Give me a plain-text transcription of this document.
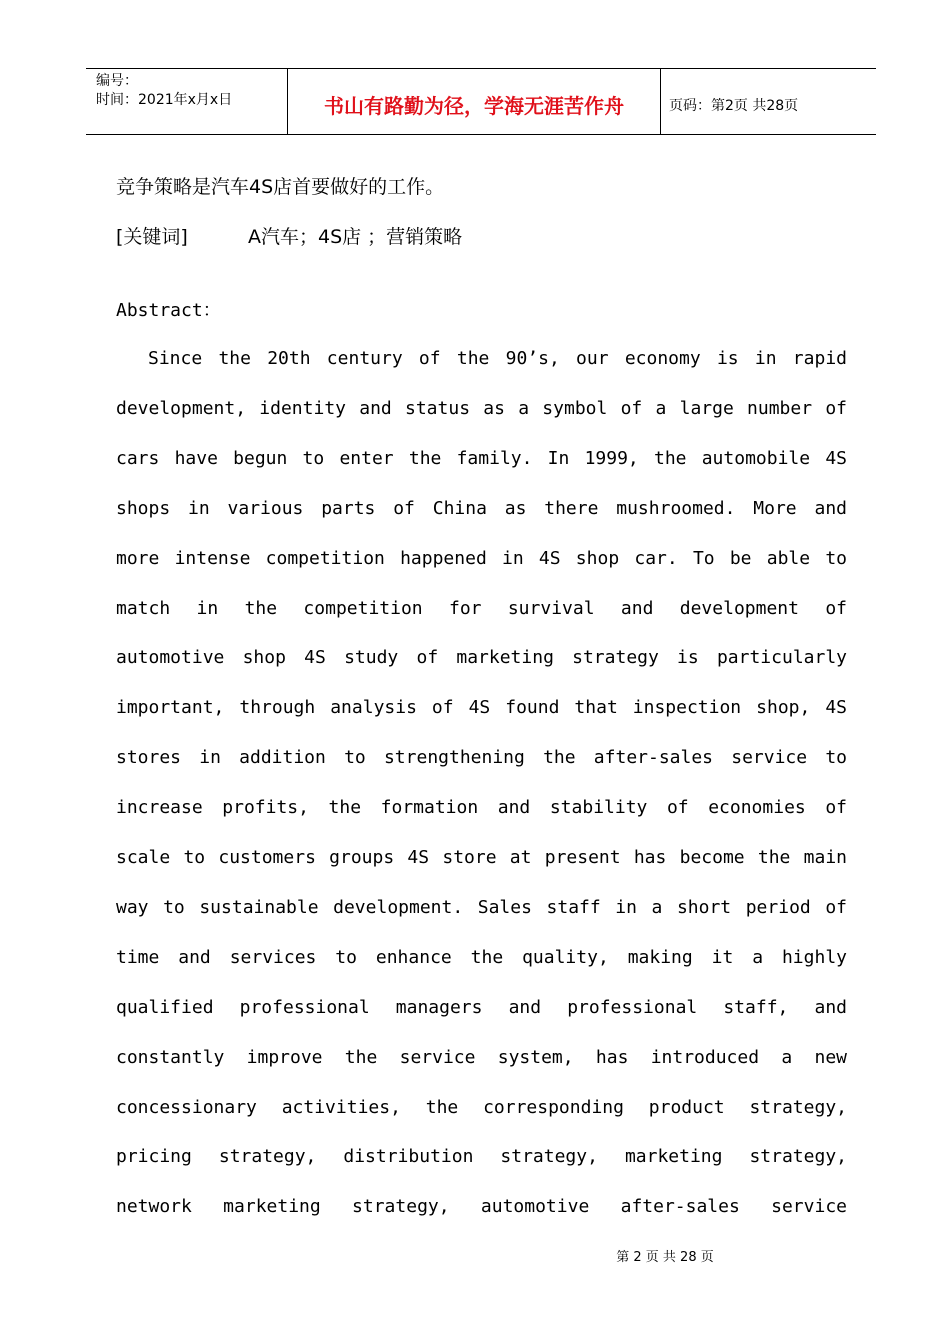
编号：
时间：2021年x月x日	书山有路勤为径，学海无涯苦作舟	页码：第2页 共28页
竞争策略是汽车4S店首要做好的工作。
[关键词]	A汽车；4S店 ；营销策略
Abstract：
Since the 20th century of the 90’s, our economy is in rapid
development, identity and status as a symbol of a large number of
cars have begun to enter the family. In 1999, the automobile 4S
shops in various parts of China as there mushroomed. More and
more intense competition happened in 4S shop car. To be able to
match in the competition for survival and development of
automotive shop 4S study of marketing strategy is particularly
important, through analysis of 4S found that inspection shop, 4S
stores in addition to strengthening the after-sales service to
increase profits, the formation and stability of economies of
scale to customers groups 4S store at present has become the main
way to sustainable development. Sales staff in a short period of
time and services to enhance the quality, making it a highly
qualified professional managers and professional staff, and
constantly improve the service system, has introduced a new
concessionary activities, the corresponding product strategy,
pricing strategy, distribution strategy, marketing strategy,
network marketing strategy, automotive after-sales service
第 2 页 共 28 页
